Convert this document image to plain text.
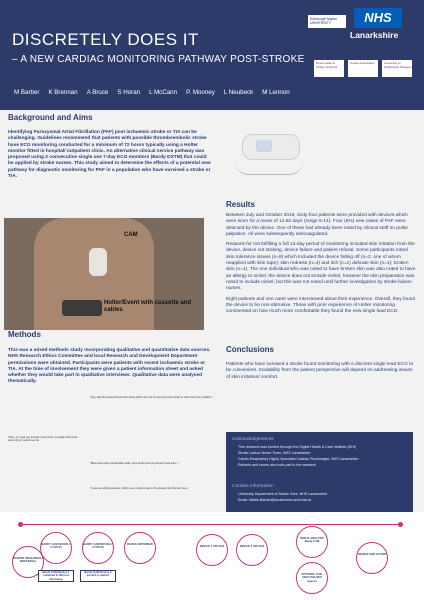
DISCRETELY DOES IT
– A NEW CARDIAC MONITORING PATHWAY POST-STROKE
M Barber K Brennan A Bruce S Horan L McCann P. Mooney L Neubeck M Lennon
Edinburgh Napier UNIVERSITY	NHS
Lanarkshire
Chest Heart & Stroke Scotland
Stroke Association	University of Strathclyde Glasgow
Background and Aims
Identifying Paroxysmal Atrial Fibrillation (PAF) post ischaemic stroke or TIA can be challenging. Guidelines recommend that patients with possible thromboembolic stroke have ECG monitoring conducted for a minimum of 72 hours typically using a Holter monitor fitted in hospital/ outpatient clinic. An alternative clinical service pathway was proposed using 2 consecutive single use 7-day ECG monitors (Bardy DXTM) that could be applied by stroke nurses. This study aimed to determine the effects of a potential new pathway for diagnostic monitoring for PAF in a population who have survived a stroke or TIA.
CAM
Holter/Event with cassette and cables
Methods
This was a mixed methods study incorporating qualitative and quantitative data sources. NHS Research Ethics Committee and local Research and Development Department permissions were obtained. Participants were patients with recent ischaemic stroke or TIA. At the time of involvement they were given a patient information sheet and asked whether they would take part in qualitative interviews. Qualitative data were analysed thematically.
"Aye, well the cheap that and the sitting stuff it sat; but he was sure there shall no other than the ventilator..."
"Wee, sir I was you thought it was there, but again that is the same thing I would ever do..."
"Mine was pretty comfortable really, once all the time you forget it was there..."
"It was something positive, I didn't even notice it was in the shower and the next time..."
Results

Between July and October 2019, Sixty-four patients were provided with devices which were worn for a mean of 12.65 days (range 5-14). Four (6%) new cases of PAF were detected by the device. One of these had already been noted by clinical staff on pulse palpation. All were subsequently anticoagulated.

Reasons for not fulfilling a full 14-day period of monitoring included skin irritation from the device, device not sticking, device failure and patient refusal. Some participants noted skin tolerance issues (n=9) which included the device falling off (n=2, one of whom reapplied with skin tape); skin redness (n=4) and itch (n=1) delicate skin (n=1); broken skin (n=1). The one individual who was noted to have broken skin was also noted to have an allergy to nickel, the device does not include nickel, however the skin preparation was noted to include nickel, but this was not noted until further investigation by stroke liaison nurses.

Eight patients and one carer were interviewed about their experience. Overall, they found the device to be non-obtrusive. Those with prior experience of Holter monitoring commented on how much more comfortable they found the new single lead ECG.

Conclusions
Patients who have survived a stroke found monitoring with a discreet single lead ECG to be convenient. Scalability from the patient perspective will depend on addressing issues of skin irritation/ comfort.
Acknowledgements
This research was funded through the Digital Health & Care Institute (DHI)
Stroke Liaison Nurse Team, NHS Lanarkshire
Cardio-Respiratory Highly Specialist Cardiac Physiologist, NHS Lanarkshire
Patients and carers who took part in the research
Contact Information
University Department of Stroke Care, NHS Lanarkshire
Email: Martin.Barber@lanarkshire.scot.nhs.uk
BARDY CAM DEVICE 1 (7 DAYS)
BARDY CAM DEVICE 2 (7 DAYS)
PATIENT DISCHARGE / (REFERRAL)
DEVICE RETURNED
DEVICE 1 UPLOAD	DEVICE 2 UPLOAD
INITIAL ANALYSIS Bardy CAM
OPTIONAL SUB-ANALYSIS NHS Agency
REVIEW AND ACTION
Bardy CAM Device 1 collected & fitted at discharge
Bardy CAM Device 2 posted to patient
